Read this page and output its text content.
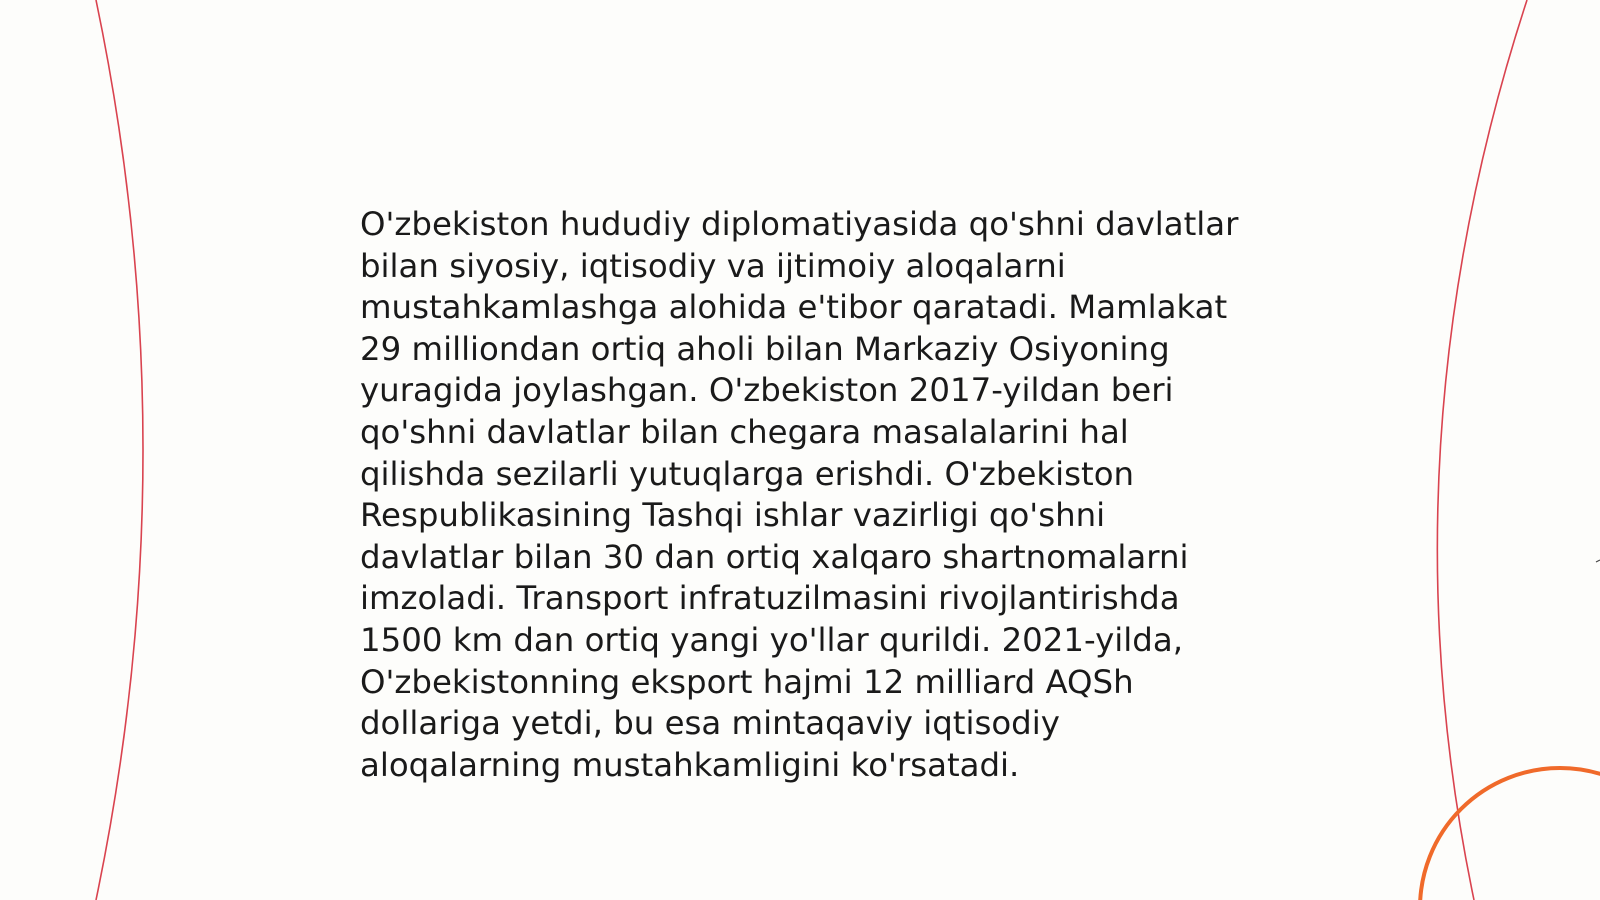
O'zbekiston hududiy diplomatiyasida qo'shni davlatlar
bilan siyosiy, iqtisodiy va ijtimoiy aloqalarni
mustahkamlashga alohida e'tibor qaratadi. Mamlakat
29 milliondan ortiq aholi bilan Markaziy Osiyoning
yuragida joylashgan. O'zbekiston 2017-yildan beri
qo'shni davlatlar bilan chegara masalalarini hal
qilishda sezilarli yutuqlarga erishdi. O'zbekiston
Respublikasining Tashqi ishlar vazirligi qo'shni
davlatlar bilan 30 dan ortiq xalqaro shartnomalarni
imzoladi. Transport infratuzilmasini rivojlantirishda
1500 km dan ortiq yangi yo'llar qurildi. 2021-yilda,
O'zbekistonning eksport hajmi 12 milliard AQSh
dollariga yetdi, bu esa mintaqaviy iqtisodiy
aloqalarning mustahkamligini ko'rsatadi.
